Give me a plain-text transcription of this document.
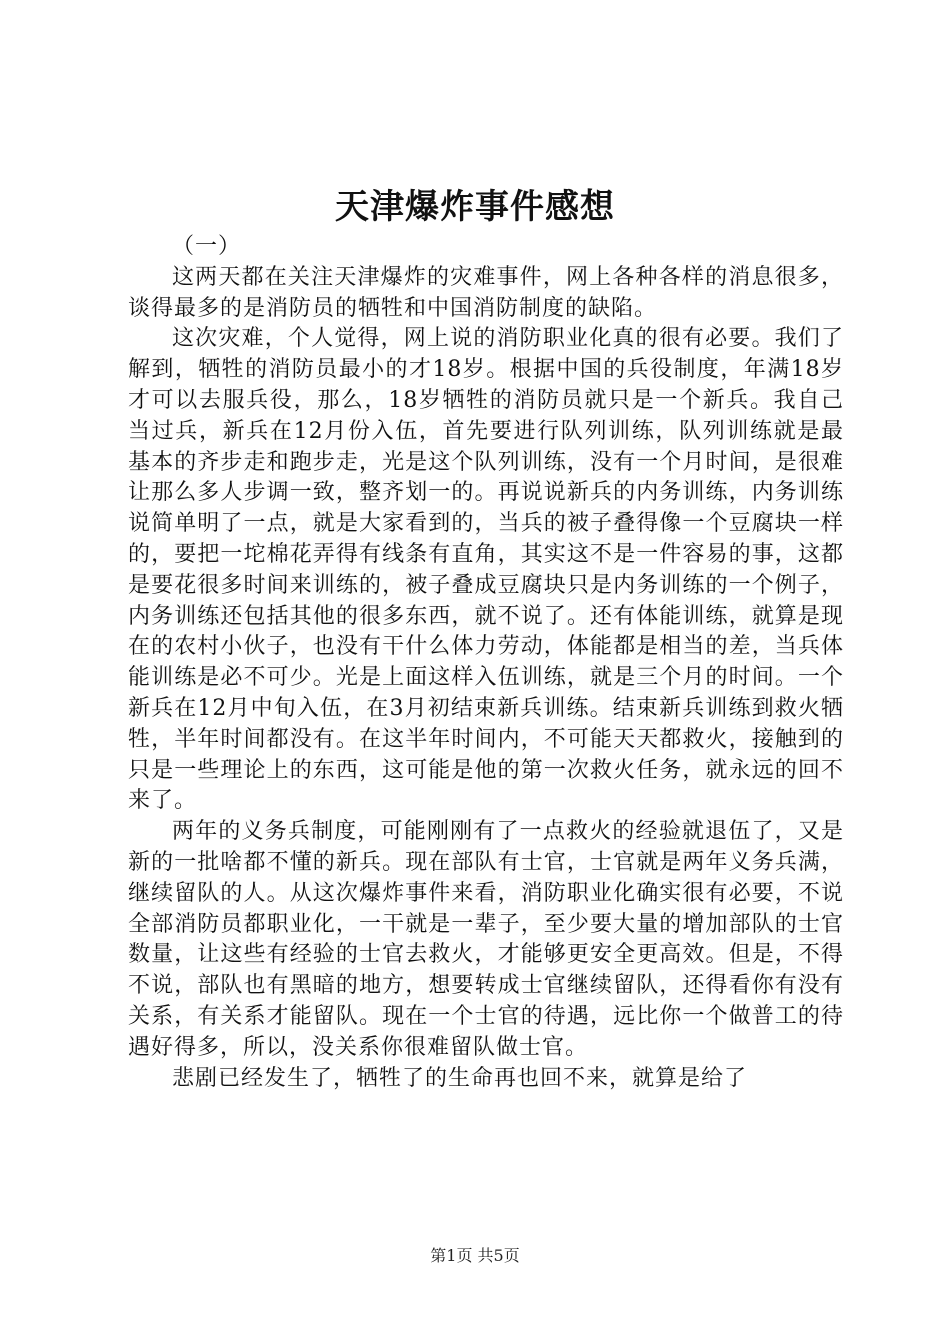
天津爆炸事件感想

（一）

这两天都在关注天津爆炸的灾难事件，网上各种各样的消息很多，谈得最多的是消防员的牺牲和中国消防制度的缺陷。

这次灾难，个人觉得，网上说的消防职业化真的很有必要。我们了解到，牺牲的消防员最小的才18岁。根据中国的兵役制度，年满18岁才可以去服兵役，那么，18岁牺牲的消防员就只是一个新兵。我自己当过兵，新兵在12月份入伍，首先要进行队列训练，队列训练就是最基本的齐步走和跑步走，光是这个队列训练，没有一个月时间，是很难让那么多人步调一致，整齐划一的。再说说新兵的内务训练，内务训练说简单明了一点，就是大家看到的，当兵的被子叠得像一个豆腐块一样的，要把一坨棉花弄得有线条有直角，其实这不是一件容易的事，这都是要花很多时间来训练的，被子叠成豆腐块只是内务训练的一个例子，内务训练还包括其他的很多东西，就不说了。还有体能训练，就算是现在的农村小伙子，也没有干什么体力劳动，体能都是相当的差，当兵体能训练是必不可少。光是上面这样入伍训练，就是三个月的时间。一个新兵在12月中旬入伍，在3月初结束新兵训练。结束新兵训练到救火牺牲，半年时间都没有。在这半年时间内，不可能天天都救火，接触到的只是一些理论上的东西，这可能是他的第一次救火任务，就永远的回不来了。

两年的义务兵制度，可能刚刚有了一点救火的经验就退伍了，又是新的一批啥都不懂的新兵。现在部队有士官，士官就是两年义务兵满，继续留队的人。从这次爆炸事件来看，消防职业化确实很有必要，不说全部消防员都职业化，一干就是一辈子，至少要大量的增加部队的士官数量，让这些有经验的士官去救火，才能够更安全更高效。但是，不得不说，部队也有黑暗的地方，想要转成士官继续留队，还得看你有没有关系，有关系才能留队。现在一个士官的待遇，远比你一个做普工的待遇好得多，所以，没关系你很难留队做士官。

悲剧已经发生了，牺牲了的生命再也回不来，就算是给了

第1页 共5页
